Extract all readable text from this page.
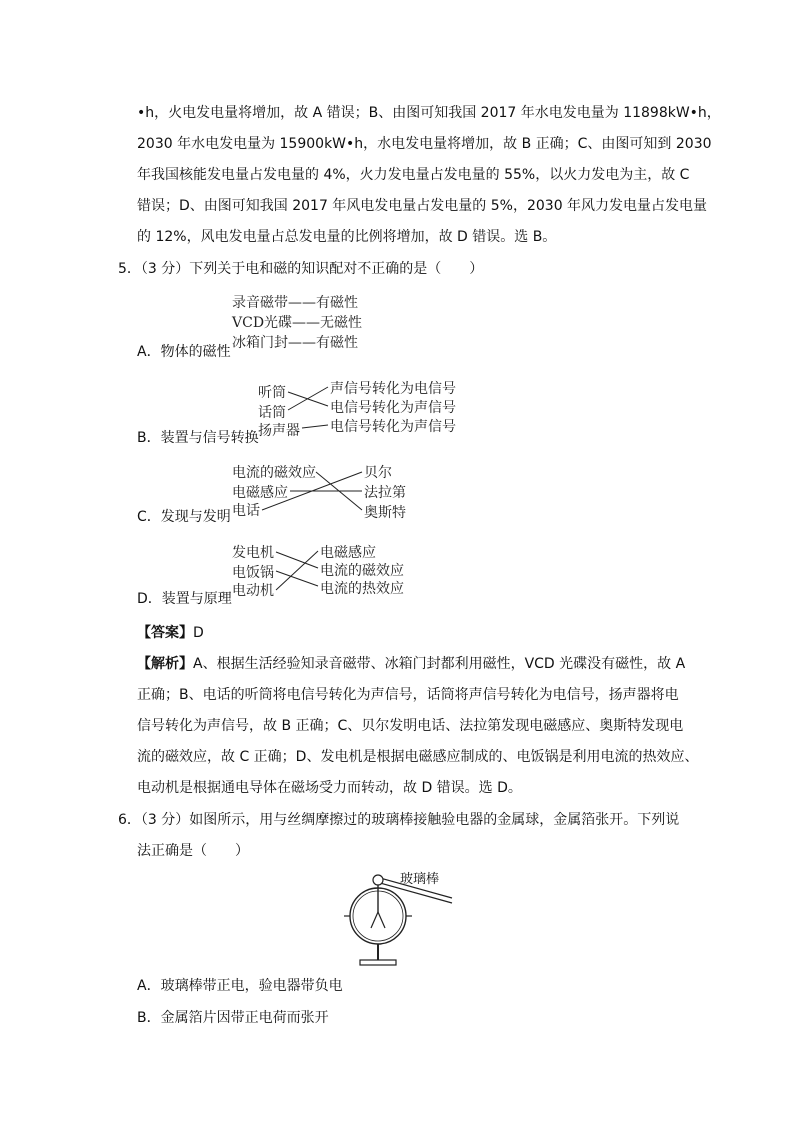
•h，火电发电量将增加，故 A 错误；B、由图可知我国 2017 年水电发电量为 11898kW•h，
2030 年水电发电量为 15900kW•h，水电发电量将增加，故 B 正确；C、由图可知到 2030
年我国核能发电量占发电量的 4%，火力发电量占发电量的 55%，以火力发电为主，故 C
错误；D、由图可知我国 2017 年风电发电量占发电量的 5%，2030 年风力发电量占发电量
的 12%，风电发电量占总发电量的比例将增加，故 D 错误。选 B。
5．（3 分）下列关于电和磁的知识配对不正确的是（　　）
录音磁带——有磁性
VCD光碟——无磁性
冰箱门封——有磁性
A．物体的磁性
听筒
话筒
扬声器
声信号转化为电信号
电信号转化为声信号
电信号转化为声信号
B．装置与信号转换
电流的磁效应
电磁感应
电话
贝尔
法拉第
奥斯特
C．发现与发明
发电机
电饭锅
电动机
电磁感应
电流的磁效应
电流的热效应
D．装置与原理
【答案】D
【解析】A、根据生活经验知录音磁带、冰箱门封都利用磁性，VCD 光碟没有磁性，故 A
正确；B、电话的听筒将电信号转化为声信号，话筒将声信号转化为电信号，扬声器将电
信号转化为声信号，故 B 正确；C、贝尔发明电话、法拉第发现电磁感应、奥斯特发现电
流的磁效应，故 C 正确；D、发电机是根据电磁感应制成的、电饭锅是利用电流的热效应、
电动机是根据通电导体在磁场受力而转动，故 D 错误。选 D。
6．（3 分）如图所示，用与丝绸摩擦过的玻璃棒接触验电器的金属球，金属箔张开。下列说
法正确是（　　）
玻璃棒
A．玻璃棒带正电，验电器带负电
B．金属箔片因带正电荷而张开
